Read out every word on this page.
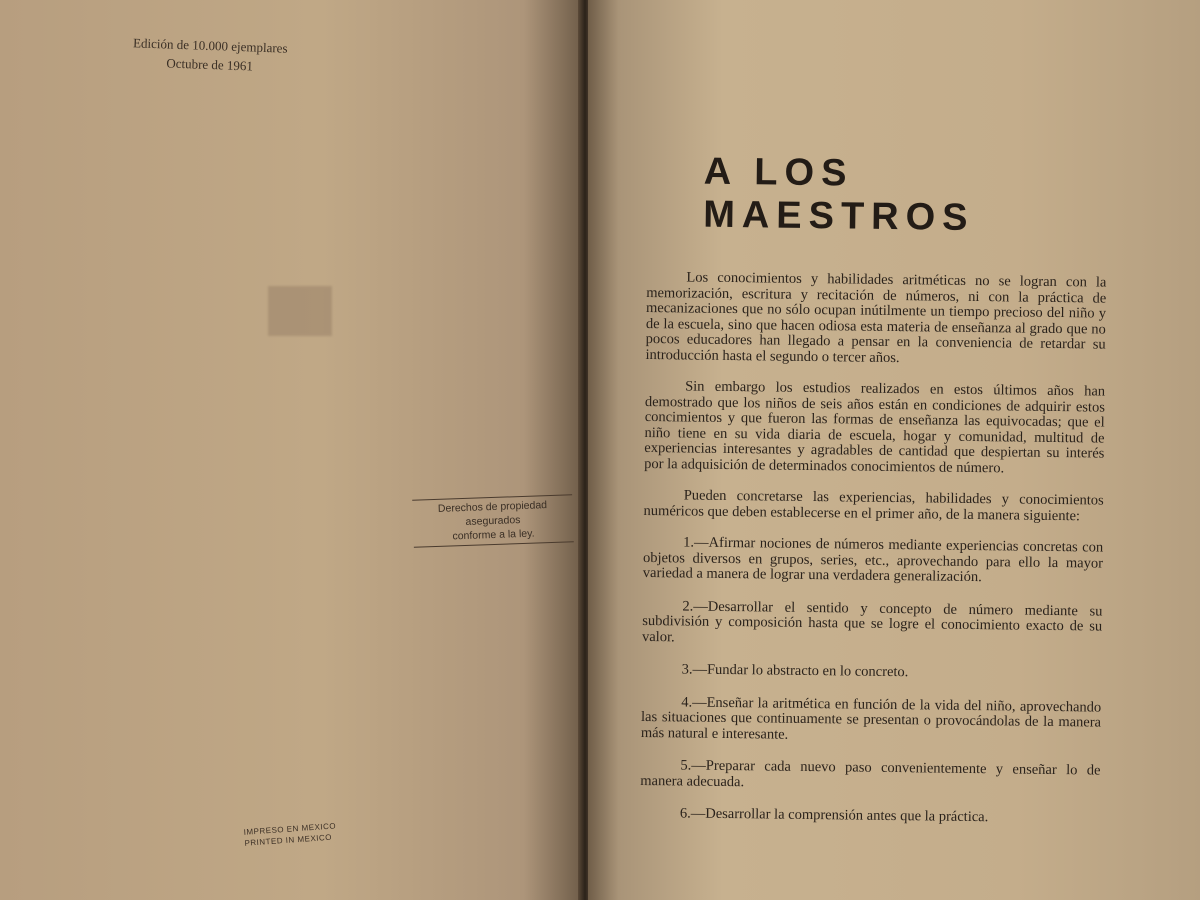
Edición de 10.000 ejemplares
Octubre de 1961
Derechos de propiedad asegurados
conforme a la ley.
IMPRESO EN MEXICO
PRINTED IN MEXICO
A LOS MAESTROS

Los conocimientos y habilidades aritméticas no se logran con la memorización, escritura y recitación de números, ni con la práctica de mecanizaciones que no sólo ocupan inútilmente un tiempo precioso del niño y de la escuela, sino que hacen odiosa esta materia de enseñanza al grado que no pocos educadores han llegado a pensar en la conveniencia de retardar su introducción hasta el segundo o tercer años.

Sin embargo los estudios realizados en estos últimos años han demostrado que los niños de seis años están en condiciones de adquirir estos concimientos y que fueron las formas de enseñanza las equivocadas; que el niño tiene en su vida diaria de escuela, hogar y comunidad, multitud de experiencias interesantes y agradables de cantidad que despiertan su interés por la adquisición de determinados conocimientos de número.

Pueden concretarse las experiencias, habilidades y conocimientos numéricos que deben establecerse en el primer año, de la manera siguiente:

1.—Afirmar nociones de números mediante experiencias concretas con objetos diversos en grupos, series, etc., aprovechando para ello la mayor variedad a manera de lograr una verdadera generalización.

2.—Desarrollar el sentido y concepto de número mediante su subdivisión y composición hasta que se logre el conocimiento exacto de su valor.

3.—Fundar lo abstracto en lo concreto.

4.—Enseñar la aritmética en función de la vida del niño, aprovechando las situaciones que continuamente se presentan o provocándolas de la manera más natural e interesante.

5.—Preparar cada nuevo paso convenientemente y enseñar lo de manera adecuada.

6.—Desarrollar la comprensión antes que la práctica.
